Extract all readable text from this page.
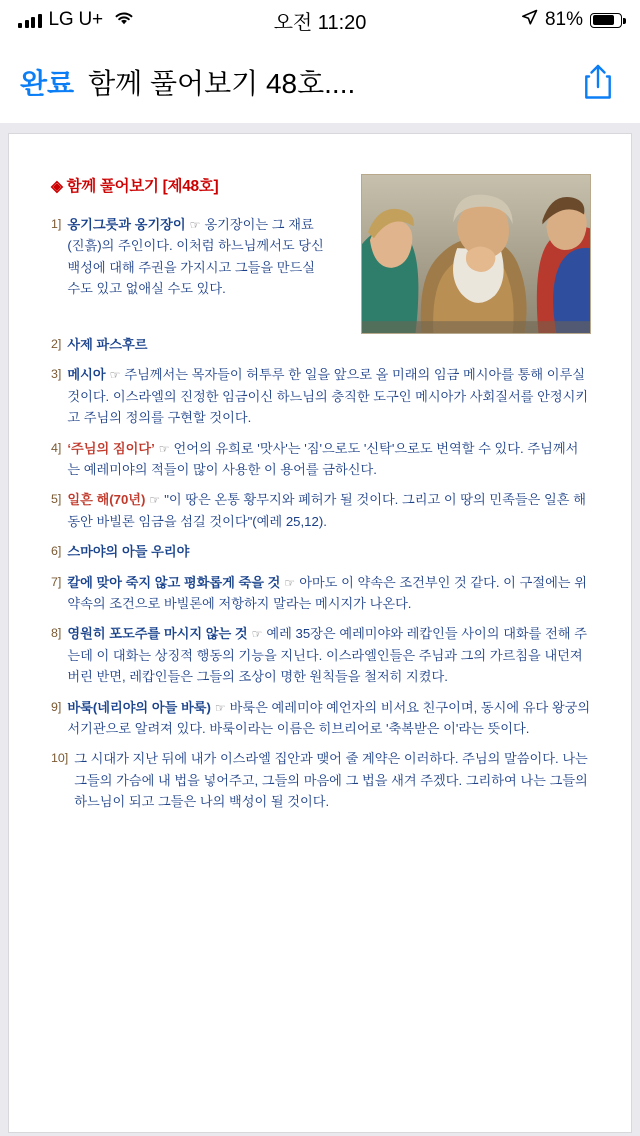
LG U+	오전 11:20	81%
완료 함께 풀어보기 48호....
◈ 함께 풀어보기 [제48호]
1] 옹기그릇과 옹기장이 ☞ 옹기장이는 그 재료(진흙)의 주인이다. 이처럼 하느님께서도 당신 백성에 대해 주권을 가지시고 그들을 만드실 수도 있고 없애실 수도 있다.
2] 사제 파스후르
3] 메시아 ☞ 주님께서는 목자들이 허투루 한 일을 앞으로 올 미래의 임금 메시아를 통해 이루실 것이다. 이스라엘의 진정한 임금이신 하느님의 충직한 도구인 메시아가 사회질서를 안정시키고 주님의 정의를 구현할 것이다.
4] ‘주님의 짐이다’ ☞ 언어의 유희로 '맛사'는 '짐'으로도 '신탁'으로도 번역할 수 있다. 주님께서는 예레미야의 적들이 많이 사용한 이 용어를 금하신다.
5] 일흔 해(70년) ☞ "이 땅은 온통 황무지와 폐허가 될 것이다. 그리고 이 땅의 민족들은 일흔 해 동안 바빌론 임금을 섬길 것이다"(예레 25,12).
6] 스마야의 아들 우리야
7] 칼에 맞아 죽지 않고 평화롭게 죽을 것 ☞ 아마도 이 약속은 조건부인 것 같다. 이 구절에는 위 약속의 조건으로 바빌론에 저항하지 말라는 메시지가 나온다.
8] 영원히 포도주를 마시지 않는 것 ☞ 예레 35장은 예레미야와 레캅인들 사이의 대화를 전해 주는데 이 대화는 상징적 행동의 기능을 지닌다. 이스라엘인들은 주님과 그의 가르침을 내던져 버린 반면, 레캅인들은 그들의 조상이 명한 원칙들을 철저히 지켰다.
9] 바룩(네리야의 아들 바룩) ☞ 바룩은 예레미야 예언자의 비서요 친구이며, 동시에 유다 왕궁의 서기관으로 알려져 있다. 바룩이라는 이름은 히브리어로 '축복받은 이'라는 뜻이다.
10] 그 시대가 지난 뒤에 내가 이스라엘 집안과 맺어 줄 계약은 이러하다. 주님의 말씀이다. 나는 그들의 가슴에 내 법을 넣어주고, 그들의 마음에 그 법을 새겨 주겠다. 그리하여 나는 그들의 하느님이 되고 그들은 나의 백성이 될 것이다.
